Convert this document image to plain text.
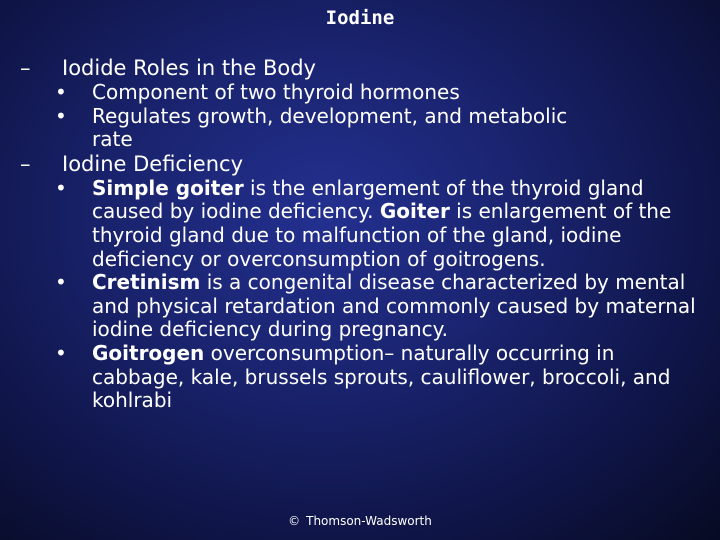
Iodine
–	Iodide Roles in the Body
• Component of two thyroid hormones
• Regulates growth, development, and metabolic
rate
–	Iodine Deficiency
• Simple goiter is the enlargement of the thyroid gland caused by iodine deficiency. Goiter is enlargement of the thyroid gland due to malfunction of the gland, iodine deficiency or overconsumption of goitrogens.
• Cretinism is a congenital disease characterized by mental and physical retardation and commonly caused by maternal iodine deficiency during pregnancy.
• Goitrogen overconsumption– naturally occurring in cabbage, kale, brussels sprouts, cauliflower, broccoli, and kohlrabi
© Thomson-Wadsworth
